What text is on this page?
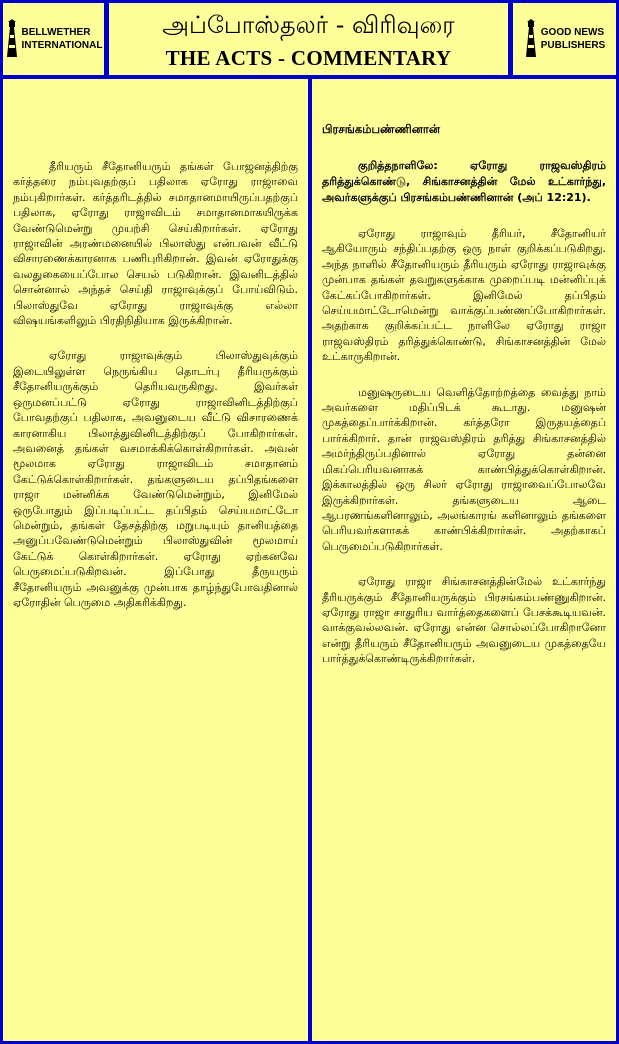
BELLWETHER
INTERNATIONAL
அப்போஸ்தலர் - விரிவுரை
THE ACTS - COMMENTARY
GOOD NEWS
PUBLISHERS

தீரியரும் சீதோனியரும் தங்கள் போஜனத்திற்கு கர்த்தரை நம்புவதற்குப் பதிலாக ஏரோது ராஜாவை நம்புகிறார்கள். கர்த்தரிடத்தில் சமாதானமாயிருப்பதற்குப் பதிலாக, ஏரோது ராஜாவிடம் சமாதானமாகயிருக்க வேண்டுமென்று முயற்சி செய்கிறார்கள். ஏரோது ராஜாவின் அரண்மனையில் பிலாஸ்து என்பவன் வீட்டு விசாரணைக்காரனாக பணிபுரிகிறான். இவன் ஏரோதுக்கு வலதுகையைப்போல செயல் படுகிறான். இவனிடத்தில் சொன்னால் அந்தச் செய்தி ராஜாவுக்குப் போய்விடும். பிலாஸ்துவே ஏரோது ராஜாவுக்கு எல்லா விஷயங்களிலும் பிரதிநிதியாக இருக்கிறான்.

ஏரோது ராஜாவுக்கும் பிலாஸ்துவுக்கும் இடையிலுள்ள நெருங்கிய தொடர்பு தீரியருக்கும் சீதோனியருக்கும் தெரியவருகிறது. இவர்கள் ஒருமனப்பட்டு ஏரோது ராஜாவினிடத்திற்குப் போவதற்குப் பதிலாக, அவனுடைய வீட்டு விசாரணைக் காரனாகிய பிலாத்துவினிடத்திற்குப் போகிறார்கள். அவனைத் தங்கள் வசமாக்கிக்கொள்கிறார்கள். அவன் மூலமாக ஏரோது ராஜாவிடம் சமாதானம் கேட்டுக்கொள்கிறார்கள். தங்களுடைய தப்பிதங்களை ராஜா மன்னிக்க வேண்டுமென்றும், இனிமேல் ஒருபோதும் இப்படிப்பட்ட தப்பிதம் செய்யமாட்டோ மென்றும், தங்கள் தேசத்திற்கு மறுபடியும் தானியத்தை அனுப்பவேண்டுமென்றும் பிலாஸ்துவின் மூலமாய் கேட்டுக் கொள்கிறார்கள். ஏரோது ஏற்கனவே பெருமைப்படுகிறவன். இப்போது தீருயரும் சீதோனியரும் அவனுக்கு முன்பாக தாழ்ந்துபோவதினால் ஏரோதின் பெருமை அதிகரிக்கிறது.

பிரசங்கம்பண்ணினான்

குறித்தநாளிலே: ஏரோது ராஜவஸ்திரம் தரித்துக்கொண்டு, சிங்காசனத்தின் மேல் உட்கார்ந்து, அவர்களுக்குப் பிரசங்கம்பண்ணினான் (அப் 12:21).

ஏரோது ராஜாவும் தீரியர், சீதோனியர் ஆகியோரும் சந்திப்பதற்கு ஒரு நாள் குறிக்கப்படுகிறது. அந்த நாளில் சீதோனியரும் தீரியரும் ஏரோது ராஜாவுக்கு முன்பாக தங்கள் தவறுகளுக்காக முறைப்படி மன்னிப்புக் கேட்கப்போகிறார்கள். இனிமேல் தப்பிதம் செய்யமாட்டோமென்று வாக்குப்பண்ணப்போகிறார்கள். அதற்காக குறிக்கப்பட்ட நாளிலே ஏரோது ராஜா ராஜவஸ்திரம் தரித்துக்கொண்டு, சிங்காசனத்தின் மேல் உட்காருகிறான்.

மனுஷருடைய வெளித்தோற்றத்தை வைத்து நாம் அவர்களை மதிப்பிடக் கூடாது. மனுஷன் முகத்தைப்பார்க்கிறான். கர்த்தரோ இருதயத்தைப் பார்க்கிறார். தான் ராஜவஸ்திரம் தரித்து சிங்காசனத்தில் அமர்ந்திருப்பதினால் ஏரோது தன்னை மிகப்பெரியவனாகக் காண்பித்துக்கொள்கிறான். இக்காலத்தில் ஒரு சிலர் ஏரோது ராஜாவைப்போலவே இருக்கிறார்கள். தங்களுடைய ஆடை ஆபரணங்களினாலும், அலங்காரங் களினாலும் தங்களை பெரியவர்களாகக் காண்பிக்கிறார்கள். அதற்காகப் பெருமைப்படுகிறார்கள்.

ஏரோது ராஜா சிங்காசனத்தின்மேல் உட்கார்ந்து தீரியருக்கும் சீதோனியருக்கும் பிரசங்கம்பண்ணுகிறான். ஏரோது ராஜா சாதுரிய வார்த்தைகளைப் பேசக்கூடியவன். வாக்குவல்லவன். ஏரோது என்ன சொல்லப்போகிறானோ என்று தீரியரும் சீதோனியரும் அவனுடைய முகத்தையே பார்த்துக்கொண்டிருக்கிறார்கள்.
